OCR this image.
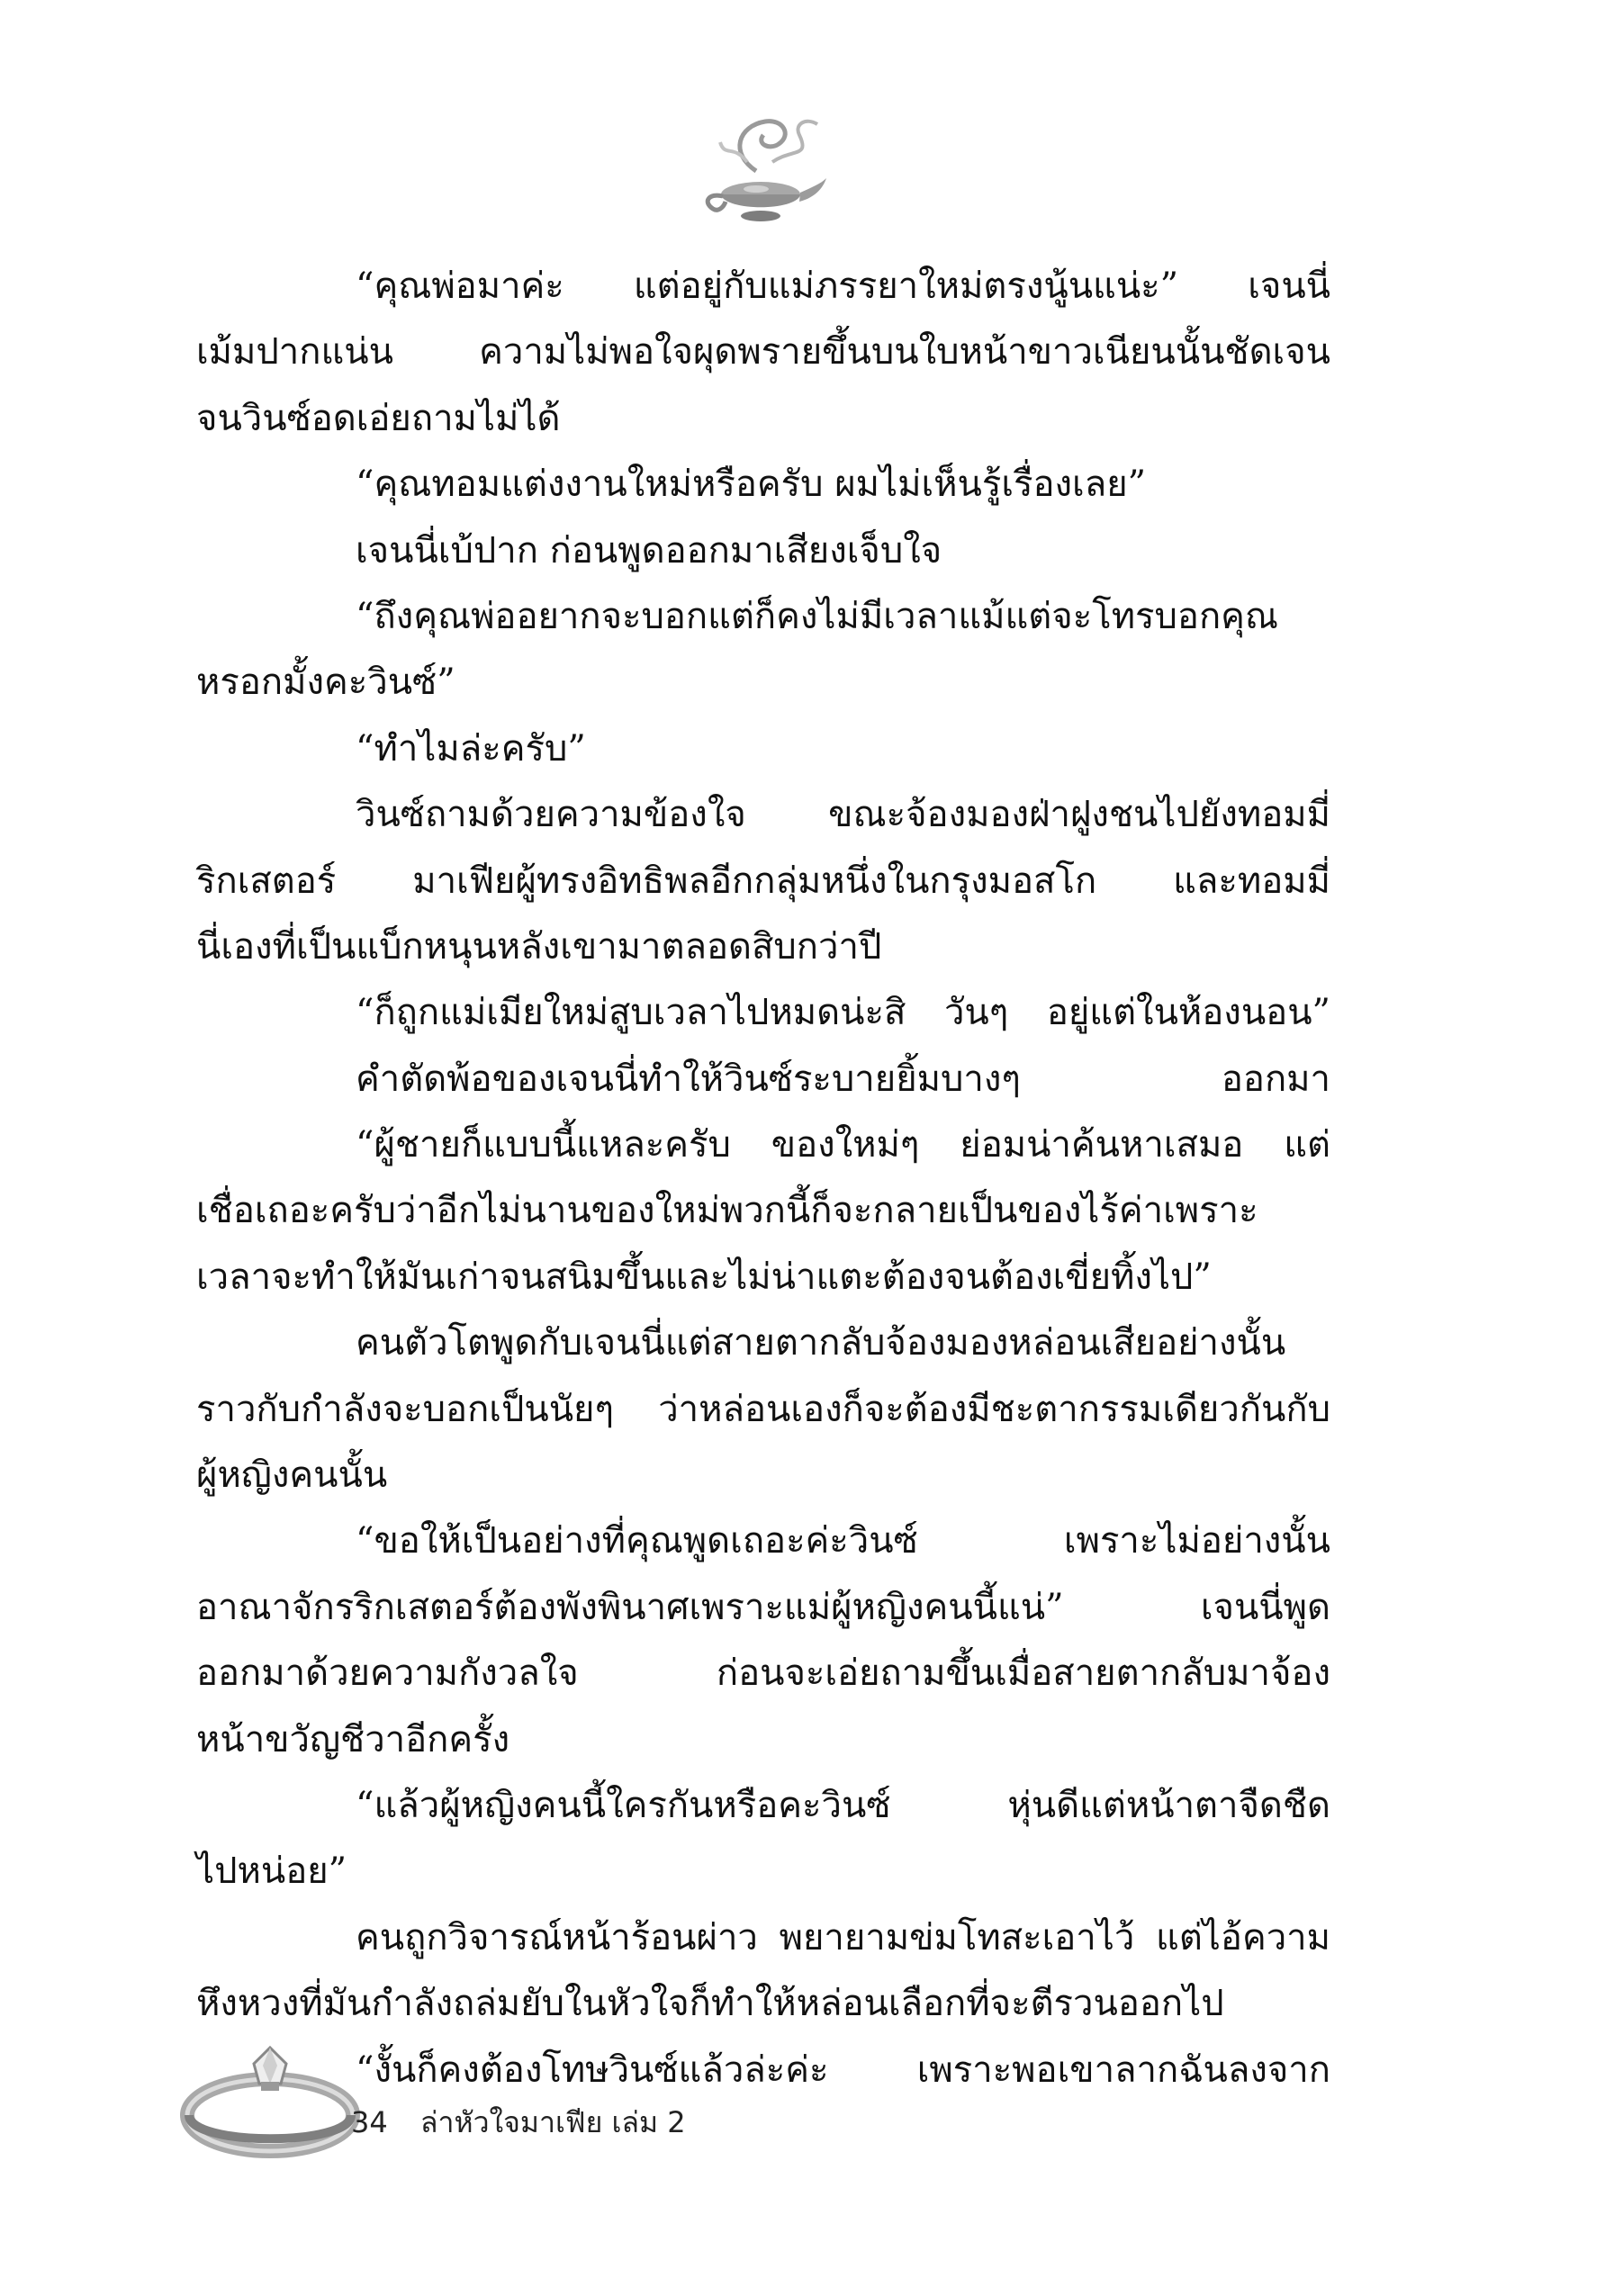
“คุณพ่อมาค่ะ แต่อยู่กับแม่ภรรยาใหม่ตรงนู้นแน่ะ” เจนนี่
เม้มปากแน่น ความไม่พอใจผุดพรายขึ้นบนใบหน้าขาวเนียนนั้นชัดเจน
จนวินซ์อดเอ่ยถามไม่ได้
“คุณทอมแต่งงานใหม่หรือครับ ผมไม่เห็นรู้เรื่องเลย”
เจนนี่เบ้ปาก ก่อนพูดออกมาเสียงเจ็บใจ
“ถึงคุณพ่ออยากจะบอกแต่ก็คงไม่มีเวลาแม้แต่จะโทรบอกคุณ
หรอกมั้งคะวินซ์”
“ทำไมล่ะครับ”
วินซ์ถามด้วยความข้องใจ ขณะจ้องมองฝ่าฝูงชนไปยังทอมมี่
ริกเสตอร์ มาเฟียผู้ทรงอิทธิพลอีกกลุ่มหนึ่งในกรุงมอสโก และทอมมี่
นี่เองที่เป็นแบ็กหนุนหลังเขามาตลอดสิบกว่าปี
“ก็ถูกแม่เมียใหม่สูบเวลาไปหมดน่ะสิ วันๆ อยู่แต่ในห้องนอน”
คำตัดพ้อของเจนนี่ทำให้วินซ์ระบายยิ้มบางๆ ออกมา
“ผู้ชายก็แบบนี้แหละครับ ของใหม่ๆ ย่อมน่าค้นหาเสมอ แต่
เชื่อเถอะครับว่าอีกไม่นานของใหม่พวกนี้ก็จะกลายเป็นของไร้ค่าเพราะ
เวลาจะทำให้มันเก่าจนสนิมขึ้นและไม่น่าแตะต้องจนต้องเขี่ยทิ้งไป”
คนตัวโตพูดกับเจนนี่แต่สายตากลับจ้องมองหล่อนเสียอย่างนั้น
ราวกับกำลังจะบอกเป็นนัยๆ ว่าหล่อนเองก็จะต้องมีชะตากรรมเดียวกันกับ
ผู้หญิงคนนั้น
“ขอให้เป็นอย่างที่คุณพูดเถอะค่ะวินซ์ เพราะไม่อย่างนั้น
อาณาจักรริกเสตอร์ต้องพังพินาศเพราะแม่ผู้หญิงคนนี้แน่” เจนนี่พูด
ออกมาด้วยความกังวลใจ ก่อนจะเอ่ยถามขึ้นเมื่อสายตากลับมาจ้อง
หน้าขวัญชีวาอีกครั้ง
“แล้วผู้หญิงคนนี้ใครกันหรือคะวินซ์ หุ่นดีแต่หน้าตาจืดชืด
ไปหน่อย”
คนถูกวิจารณ์หน้าร้อนผ่าว พยายามข่มโทสะเอาไว้ แต่ไอ้ความ
หึงหวงที่มันกำลังถล่มยับในหัวใจก็ทำให้หล่อนเลือกที่จะตีรวนออกไป
“งั้นก็คงต้องโทษวินซ์แล้วล่ะค่ะ เพราะพอเขาลากฉันลงจาก
34 ล่าหัวใจมาเฟีย เล่ม 2
